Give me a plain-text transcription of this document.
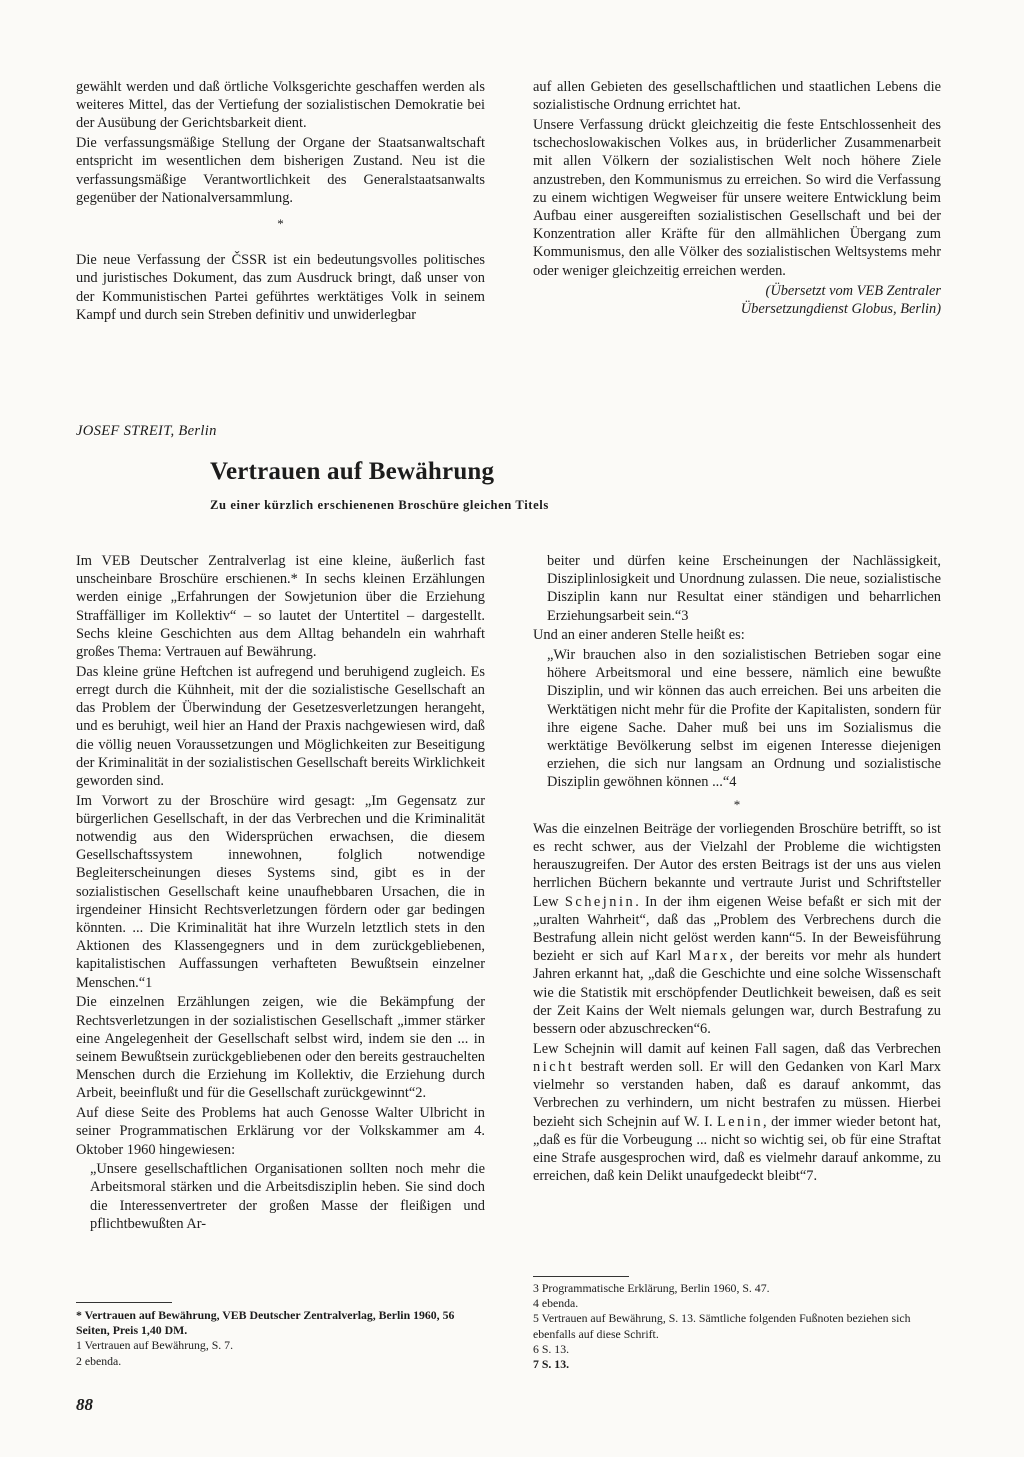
gewählt werden und daß örtliche Volksgerichte geschaffen werden als weiteres Mittel, das der Vertiefung der sozialistischen Demokratie bei der Ausübung der Gerichtsbarkeit dient.

Die verfassungsmäßige Stellung der Organe der Staatsanwaltschaft entspricht im wesentlichen dem bisherigen Zustand. Neu ist die verfassungsmäßige Verantwortlichkeit des Generalstaatsanwalts gegenüber der Nationalversammlung.

*

Die neue Verfassung der ČSSR ist ein bedeutungsvolles politisches und juristisches Dokument, das zum Ausdruck bringt, daß unser von der Kommunistischen Partei geführtes werktätiges Volk in seinem Kampf und durch sein Streben definitiv und unwiderlegbar

auf allen Gebieten des gesellschaftlichen und staatlichen Lebens die sozialistische Ordnung errichtet hat.

Unsere Verfassung drückt gleichzeitig die feste Entschlossenheit des tschechoslowakischen Volkes aus, in brüderlicher Zusammenarbeit mit allen Völkern der sozialistischen Welt noch höhere Ziele anzustreben, den Kommunismus zu erreichen. So wird die Verfassung zu einem wichtigen Wegweiser für unsere weitere Entwicklung beim Aufbau einer ausgereiften sozialistischen Gesellschaft und bei der Konzentration aller Kräfte für den allmählichen Übergang zum Kommunismus, den alle Völker des sozialistischen Weltsystems mehr oder weniger gleichzeitig erreichen werden.

(Übersetzt vom VEB Zentraler
Übersetzungdienst Globus, Berlin)
JOSEF STREIT, Berlin
Vertrauen auf Bewährung
Zu einer kürzlich erschienenen Broschüre gleichen Titels

Im VEB Deutscher Zentralverlag ist eine kleine, äußerlich fast unscheinbare Broschüre erschienen.* In sechs kleinen Erzählungen werden einige „Erfahrungen der Sowjetunion über die Erziehung Straffälliger im Kollektiv“ – so lautet der Untertitel – dargestellt. Sechs kleine Geschichten aus dem Alltag behandeln ein wahrhaft großes Thema: Vertrauen auf Bewährung.

Das kleine grüne Heftchen ist aufregend und beruhigend zugleich. Es erregt durch die Kühnheit, mit der die sozialistische Gesellschaft an das Problem der Überwindung der Gesetzesverletzungen herangeht, und es beruhigt, weil hier an Hand der Praxis nachgewiesen wird, daß die völlig neuen Voraussetzungen und Möglichkeiten zur Beseitigung der Kriminalität in der sozialistischen Gesellschaft bereits Wirklichkeit geworden sind.

Im Vorwort zu der Broschüre wird gesagt: „Im Gegensatz zur bürgerlichen Gesellschaft, in der das Verbrechen und die Kriminalität notwendig aus den Widersprüchen erwachsen, die diesem Gesellschaftssystem innewohnen, folglich notwendige Begleiterscheinungen dieses Systems sind, gibt es in der sozialistischen Gesellschaft keine unaufhebbaren Ursachen, die in irgendeiner Hinsicht Rechtsverletzungen fördern oder gar bedingen könnten. ... Die Kriminalität hat ihre Wurzeln letztlich stets in den Aktionen des Klassengegners und in dem zurückgebliebenen, kapitalistischen Auffassungen verhafteten Bewußtsein einzelner Menschen.“1

Die einzelnen Erzählungen zeigen, wie die Bekämpfung der Rechtsverletzungen in der sozialistischen Gesellschaft „immer stärker eine Angelegenheit der Gesellschaft selbst wird, indem sie den ... in seinem Bewußtsein zurückgebliebenen oder den bereits gestrauchelten Menschen durch die Erziehung im Kollektiv, die Erziehung durch Arbeit, beeinflußt und für die Gesellschaft zurückgewinnt“2.

Auf diese Seite des Problems hat auch Genosse Walter Ulbricht in seiner Programmatischen Erklärung vor der Volkskammer am 4. Oktober 1960 hingewiesen:

„Unsere gesellschaftlichen Organisationen sollten noch mehr die Arbeitsmoral stärken und die Arbeitsdisziplin heben. Sie sind doch die Interessenvertreter der großen Masse der fleißigen und pflichtbewußten Ar-

beiter und dürfen keine Erscheinungen der Nachlässigkeit, Disziplinlosigkeit und Unordnung zulassen. Die neue, sozialistische Disziplin kann nur Resultat einer ständigen und beharrlichen Erziehungsarbeit sein.“3

Und an einer anderen Stelle heißt es:

„Wir brauchen also in den sozialistischen Betrieben sogar eine höhere Arbeitsmoral und eine bessere, nämlich eine bewußte Disziplin, und wir können das auch erreichen. Bei uns arbeiten die Werktätigen nicht mehr für die Profite der Kapitalisten, sondern für ihre eigene Sache. Daher muß bei uns im Sozialismus die werktätige Bevölkerung selbst im eigenen Interesse diejenigen erziehen, die sich nur langsam an Ordnung und sozialistische Disziplin gewöhnen können ...“4

*

Was die einzelnen Beiträge der vorliegenden Broschüre betrifft, so ist es recht schwer, aus der Vielzahl der Probleme die wichtigsten herauszugreifen. Der Autor des ersten Beitrags ist der uns aus vielen herrlichen Büchern bekannte und vertraute Jurist und Schriftsteller Lew Schejnin. In der ihm eigenen Weise befaßt er sich mit der „uralten Wahrheit“, daß das „Problem des Verbrechens durch die Bestrafung allein nicht gelöst werden kann“5. In der Beweisführung bezieht er sich auf Karl Marx, der bereits vor mehr als hundert Jahren erkannt hat, „daß die Geschichte und eine solche Wissenschaft wie die Statistik mit erschöpfender Deutlichkeit beweisen, daß es seit der Zeit Kains der Welt niemals gelungen war, durch Bestrafung zu bessern oder abzuschrecken“6.

Lew Schejnin will damit auf keinen Fall sagen, daß das Verbrechen nicht bestraft werden soll. Er will den Gedanken von Karl Marx vielmehr so verstanden haben, daß es darauf ankommt, das Verbrechen zu verhindern, um nicht bestrafen zu müssen. Hierbei bezieht sich Schejnin auf W. I. Lenin, der immer wieder betont hat, „daß es für die Vorbeugung ... nicht so wichtig sei, ob für eine Straftat eine Strafe ausgesprochen wird, daß es vielmehr darauf ankomme, zu erreichen, daß kein Delikt unaufgedeckt bleibt“7.

* Vertrauen auf Bewährung, VEB Deutscher Zentralverlag, Berlin 1960, 56 Seiten, Preis 1,40 DM.

1 Vertrauen auf Bewährung, S. 7.

2 ebenda.

3 Programmatische Erklärung, Berlin 1960, S. 47.

4 ebenda.

5 Vertrauen auf Bewährung, S. 13. Sämtliche folgenden Fußnoten beziehen sich ebenfalls auf diese Schrift.

6 S. 13.

7 S. 13.

88
